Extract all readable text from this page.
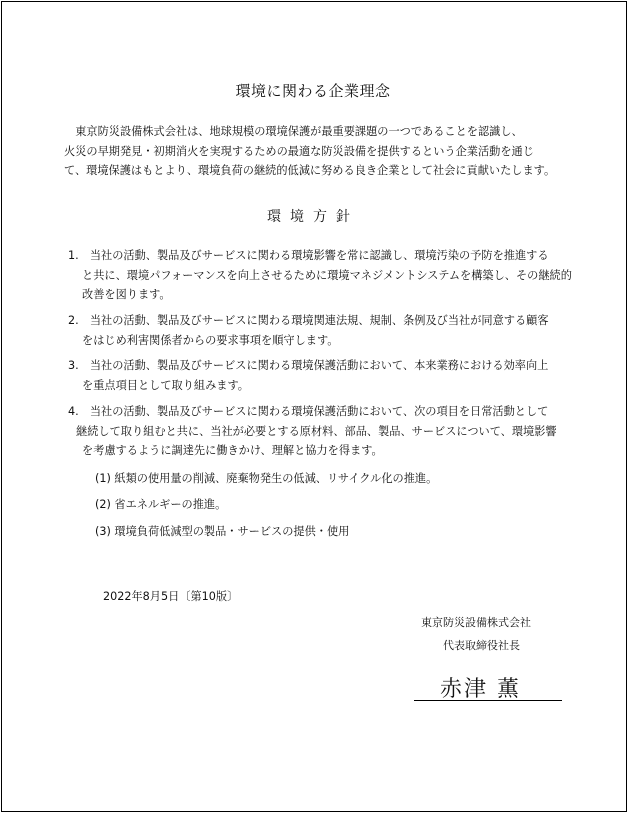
環境に関わる企業理念
　東京防災設備株式会社は、地球規模の環境保護が最重要課題の一つであることを認識し、
火災の早期発見・初期消火を実現するための最適な防災設備を提供するという企業活動を通じ
て、環境保護はもとより、環境負荷の継続的低減に努める良き企業として社会に貢献いたします。
環境方針
1.　当社の活動、製品及びサービスに関わる環境影響を常に認識し、環境汚染の予防を推進する
と共に、環境パフォーマンスを向上させるために環境マネジメントシステムを構築し、その継続的
改善を図ります。
2.　当社の活動、製品及びサービスに関わる環境関連法規、規制、条例及び当社が同意する顧客
をはじめ利害関係者からの要求事項を順守します。
3.　当社の活動、製品及びサービスに関わる環境保護活動において、本来業務における効率向上
を重点項目として取り組みます。
4.　当社の活動、製品及びサービスに関わる環境保護活動において、次の項目を日常活動として
継続して取り組むと共に、当社が必要とする原材料、部品、製品、サービスについて、環境影響
を考慮するように調達先に働きかけ、理解と協力を得ます。
(1) 紙類の使用量の削減、廃棄物発生の低減、リサイクル化の推進。
(2) 省エネルギーの推進。
(3) 環境負荷低減型の製品・サービスの提供・使用
2022年8月5日〔第10版〕
東京防災設備株式会社
代表取締役社長
赤津 薫
